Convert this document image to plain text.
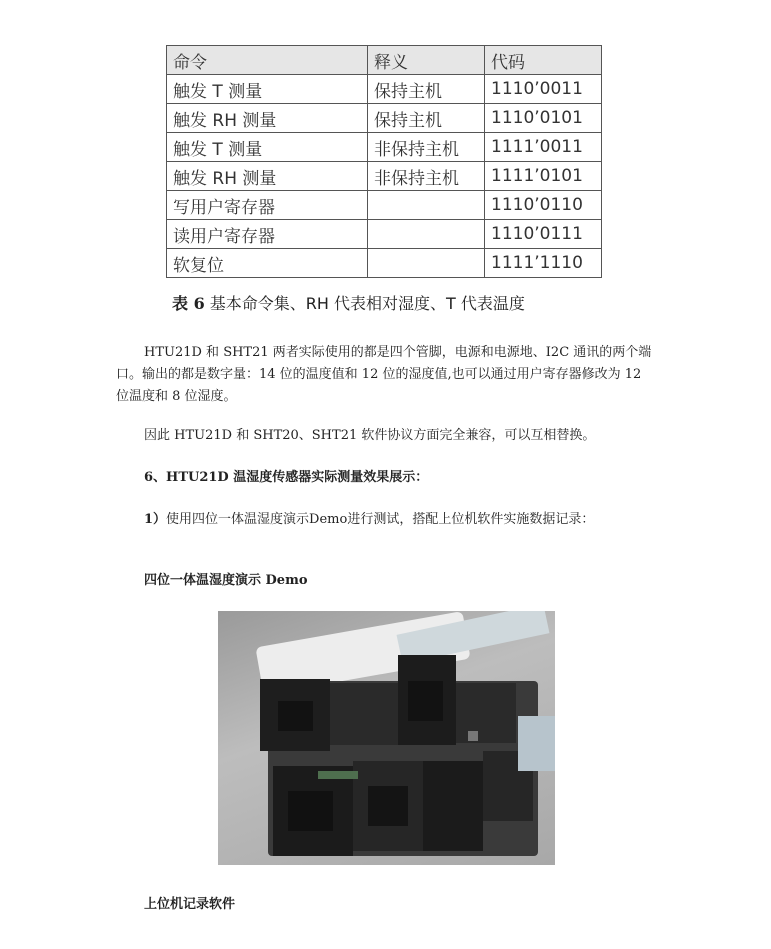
命令	释义	代码
触发 T 测量	保持主机	1110’0011
触发 RH 测量	保持主机	1110’0101
触发 T 测量	非保持主机	1111’0011
触发 RH 测量	非保持主机	1111’0101
写用户寄存器		1110’0110
读用户寄存器		1110’0111
软复位		1111’1110
表 6 基本命令集、RH 代表相对湿度、T 代表温度

HTU21D 和 SHT21 两者实际使用的都是四个管脚，电源和电源地、I2C 通讯的两个端口。输出的都是数字量：14 位的温度值和 12 位的湿度值,也可以通过用户寄存器修改为 12 位温度和 8 位湿度。

因此 HTU21D 和 SHT20、SHT21 软件协议方面完全兼容，可以互相替换。

6、HTU21D 温湿度传感器实际测量效果展示：

1）使用四位一体温湿度演示Demo进行测试，搭配上位机软件实施数据记录：
四位一体温湿度演示 Demo
上位机记录软件
